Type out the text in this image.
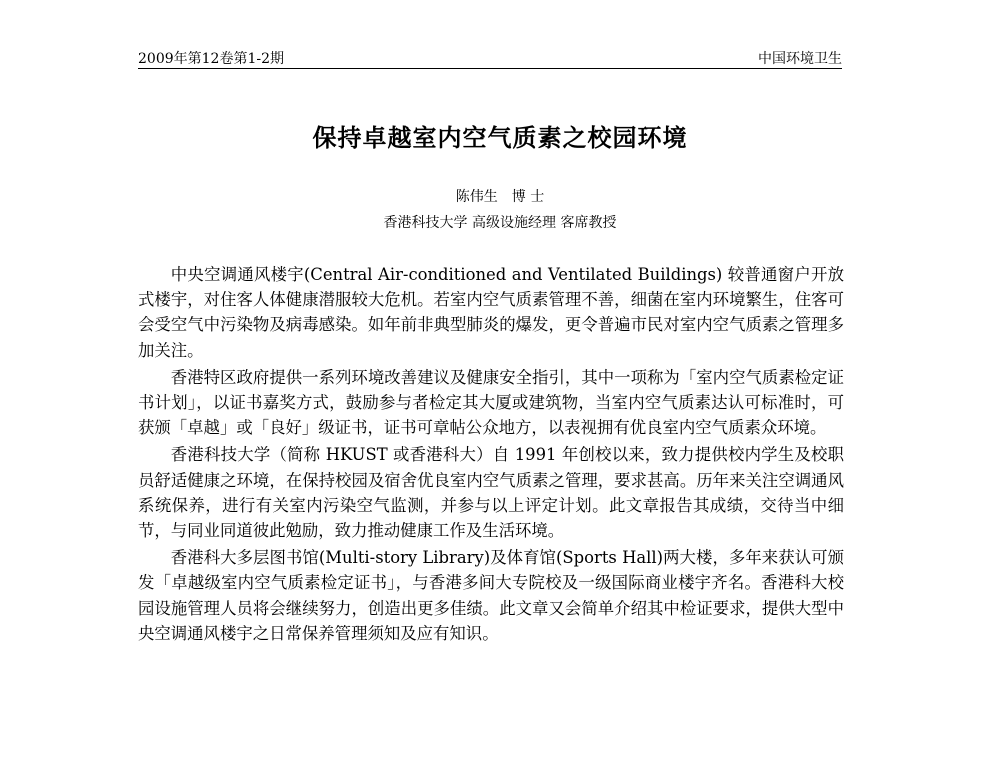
2009年第12卷第1-2期	中国环境卫生
保持卓越室内空气质素之校园环境
陈伟生　博 士
香港科技大学 高级设施经理 客席教授

中央空调通风楼宇(Central Air-conditioned and Ventilated Buildings) 较普通窗户开放式楼宇，对住客人体健康潜服较大危机。若室内空气质素管理不善，细菌在室内环境繁生，住客可会受空气中污染物及病毒感染。如年前非典型肺炎的爆发，更令普遍市民对室内空气质素之管理多加关注。

香港特区政府提供一系列环境改善建议及健康安全指引，其中一项称为「室内空气质素检定证书计划」，以证书嘉奖方式，鼓励参与者检定其大厦或建筑物，当室内空气质素达认可标准时，可获颁「卓越」或「良好」级证书，证书可章帖公众地方，以表视拥有优良室内空气质素众环境。

香港科技大学（简称 HKUST 或香港科大）自 1991 年创校以来，致力提供校内学生及校职员舒适健康之环境，在保持校园及宿舍优良室内空气质素之管理，要求甚高。历年来关注空调通风系统保养，进行有关室内污染空气监测，并参与以上评定计划。此文章报告其成绩，交待当中细节，与同业同道彼此勉励，致力推动健康工作及生活环境。

香港科大多层图书馆(Multi-story Library)及体育馆(Sports Hall)两大楼，多年来获认可颁发「卓越级室内空气质素检定证书」，与香港多间大专院校及一级国际商业楼宇齐名。香港科大校园设施管理人员将会继续努力，创造出更多佳绩。此文章又会简单介绍其中检证要求，提供大型中央空调通风楼宇之日常保养管理须知及应有知识。
